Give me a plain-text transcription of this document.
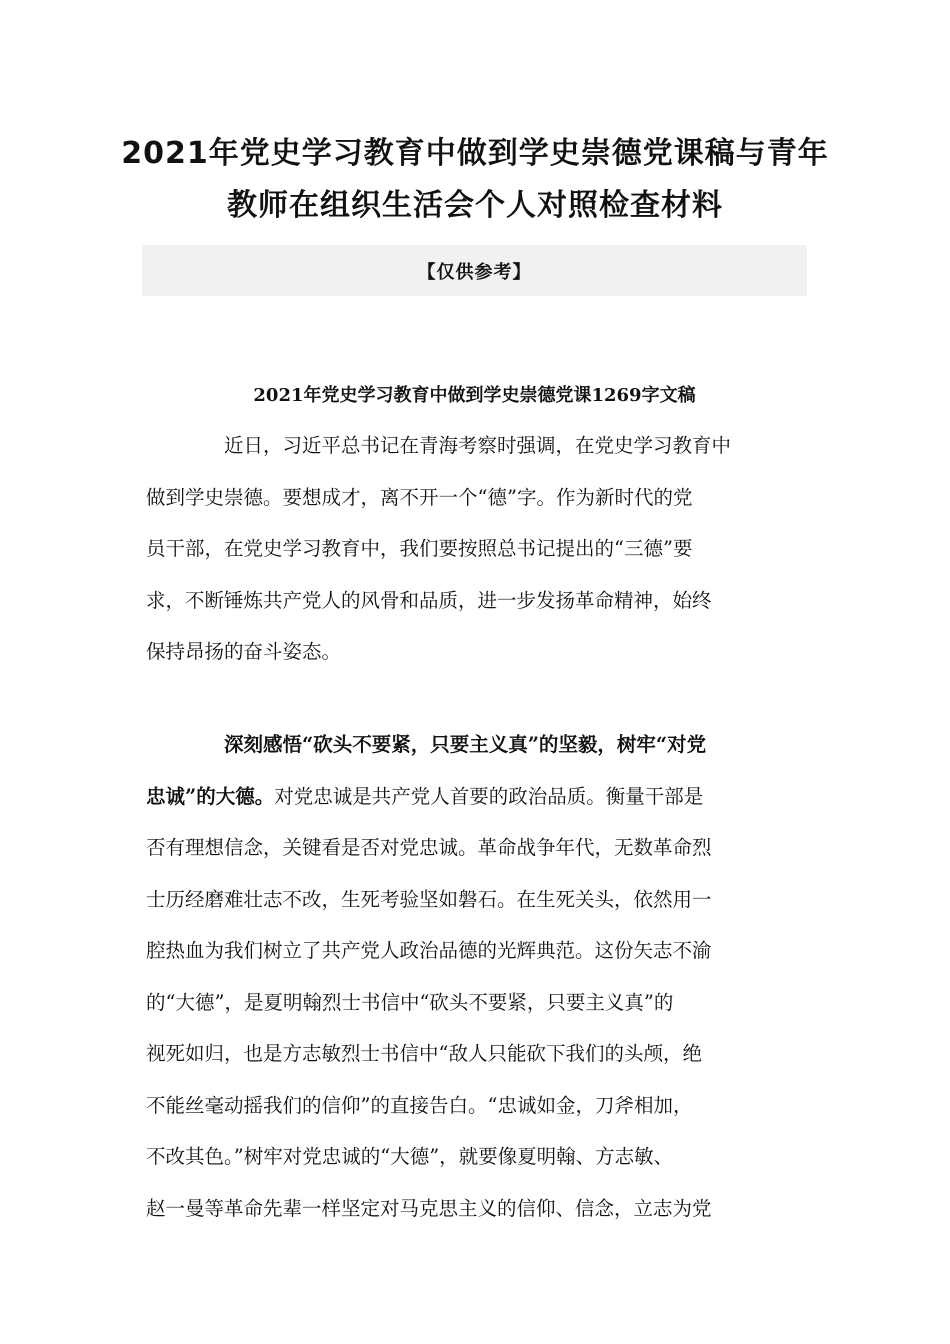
2021年党史学习教育中做到学史崇德党课稿与青年
教师在组织生活会个人对照检查材料
【仅供参考】
2021年党史学习教育中做到学史崇德党课1269字文稿

近日，习近平总书记在青海考察时强调，在党史学习教育中
做到学史崇德。要想成才，离不开一个“德”字。作为新时代的党
员干部，在党史学习教育中，我们要按照总书记提出的“三德”要
求，不断锤炼共产党人的风骨和品质，进一步发扬革命精神，始终
保持昂扬的奋斗姿态。

深刻感悟“砍头不要紧，只要主义真”的坚毅，树牢“对党
忠诚”的大德。对党忠诚是共产党人首要的政治品质。衡量干部是
否有理想信念，关键看是否对党忠诚。革命战争年代，无数革命烈
士历经磨难壮志不改，生死考验坚如磐石。在生死关头，依然用一
腔热血为我们树立了共产党人政治品德的光辉典范。这份矢志不渝
的“大德”，是夏明翰烈士书信中“砍头不要紧，只要主义真”的
视死如归，也是方志敏烈士书信中“敌人只能砍下我们的头颅，绝
不能丝毫动摇我们的信仰”的直接告白。“忠诚如金，刀斧相加，
不改其色。”树牢对党忠诚的“大德”，就要像夏明翰、方志敏、
赵一曼等革命先辈一样坚定对马克思主义的信仰、信念，立志为党
